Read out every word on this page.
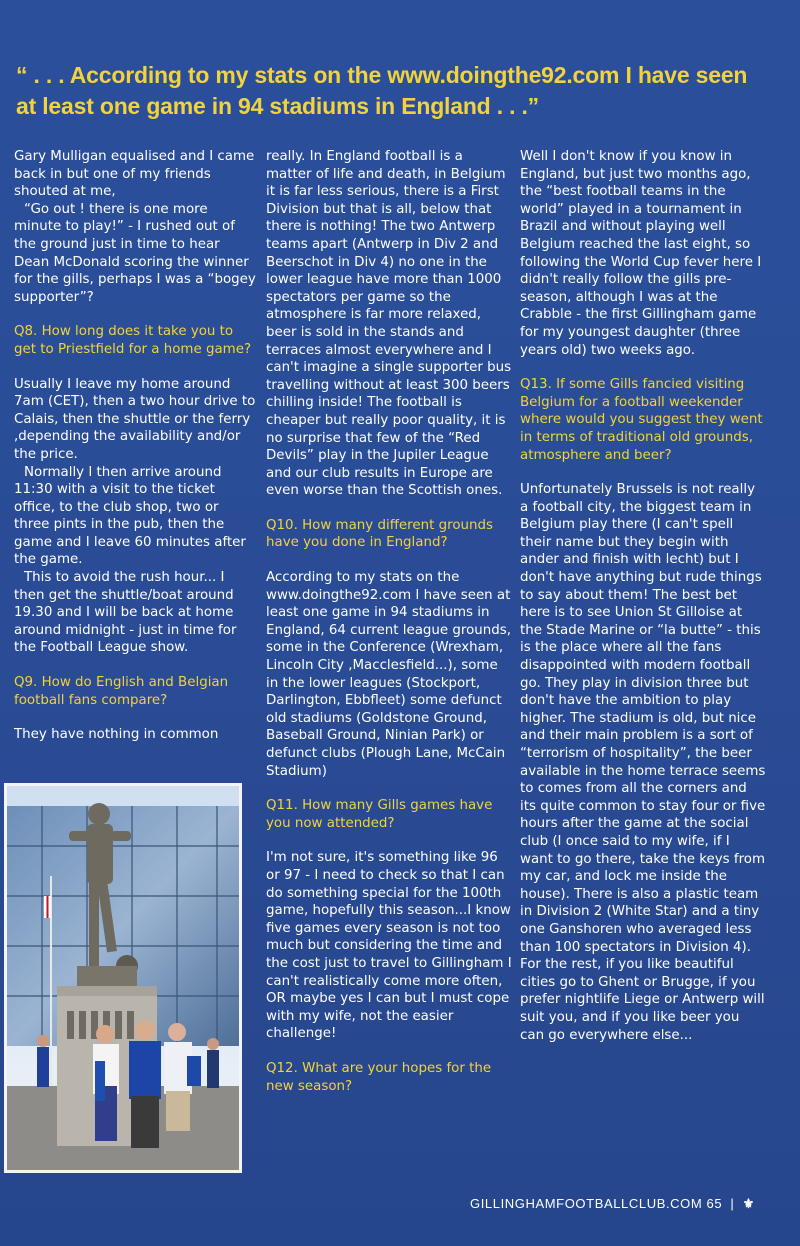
“ . . . According to my stats on the www.doingthe92.com I have seen at least one game in 94 stadiums in England . . .”

Gary Mulligan equalised and I came back in but one of my friends shouted at me,
“Go out ! there is one more minute to play!” - I rushed out of the ground just in time to hear Dean McDonald scoring the winner for the gills, perhaps I was a “bogey supporter”?

Q8. How long does it take you to get to Priestfield for a home game?

Usually I leave my home around 7am (CET), then a two hour drive to Calais, then the shuttle or the ferry ,depending the availability and/or the price.
Normally I then arrive around 11:30 with a visit to the ticket office, to the club shop, two or three pints in the pub, then the game and I leave 60 minutes after the game.
This to avoid the rush hour... I then get the shuttle/boat around 19.30 and I will be back at home around midnight - just in time for the Football League show.

Q9. How do English and Belgian football fans compare?

They have nothing in common

really. In England football is a matter of life and death, in Belgium it is far less serious, there is a First Division but that is all, below that there is nothing! The two Antwerp teams apart (Antwerp in Div 2 and Beerschot in Div 4) no one in the lower league have more than 1000 spectators per game so the atmosphere is far more relaxed, beer is sold in the stands and terraces almost everywhere and I can't imagine a single supporter bus travelling without at least 300 beers chilling inside! The football is cheaper but really poor quality, it is no surprise that few of the “Red Devils” play in the Jupiler League and our club results in Europe are even worse than the Scottish ones.

Q10. How many different grounds have you done in England?

According to my stats on the www.doingthe92.com I have seen at least one game in 94 stadiums in England, 64 current league grounds, some in the Conference (Wrexham, Lincoln City ,Macclesfield...), some in the lower leagues (Stockport, Darlington, Ebbfleet) some defunct old stadiums (Goldstone Ground, Baseball Ground, Ninian Park) or defunct clubs (Plough Lane, McCain Stadium)

Q11. How many Gills games have you now attended?

I'm not sure, it's something like 96 or 97 - I need to check so that I can do something special for the 100th game, hopefully this season...I know five games every season is not too much but considering the time and the cost just to travel to Gillingham I can't realistically come more often, OR maybe yes I can but I must cope with my wife, not the easier challenge!

Q12. What are your hopes for the new season?

Well I don't know if you know in England, but just two months ago, the “best football teams in the world” played in a tournament in Brazil and without playing well Belgium reached the last eight, so following the World Cup fever here I didn't really follow the gills pre-season, although I was at the Crabble - the first Gillingham game for my youngest daughter (three years old) two weeks ago.

Q13. If some Gills fancied visiting Belgium for a football weekender where would you suggest they went in terms of traditional old grounds, atmosphere and beer?

Unfortunately Brussels is not really a football city, the biggest team in Belgium play there (I can't spell their name but they begin with ander and finish with lecht) but I don't have anything but rude things to say about them! The best bet here is to see Union St Gilloise at the Stade Marine or “la butte” - this is the place where all the fans disappointed with modern football go. They play in division three but don't have the ambition to play higher. The stadium is old, but nice and their main problem is a sort of “terrorism of hospitality”, the beer available in the home terrace seems to comes from all the corners and its quite common to stay four or five hours after the game at the social club (I once said to my wife, if I want to go there, take the keys from my car, and lock me inside the house). There is also a plastic team in Division 2 (White Star) and a tiny one Ganshoren who averaged less than 100 spectators in Division 4). For the rest, if you like beautiful cities go to Ghent or Brugge, if you prefer nightlife Liege or Antwerp will suit you, and if you like beer you can go everywhere else...

GILLINGHAMFOOTBALLCLUB.COM 65 | ⚜
